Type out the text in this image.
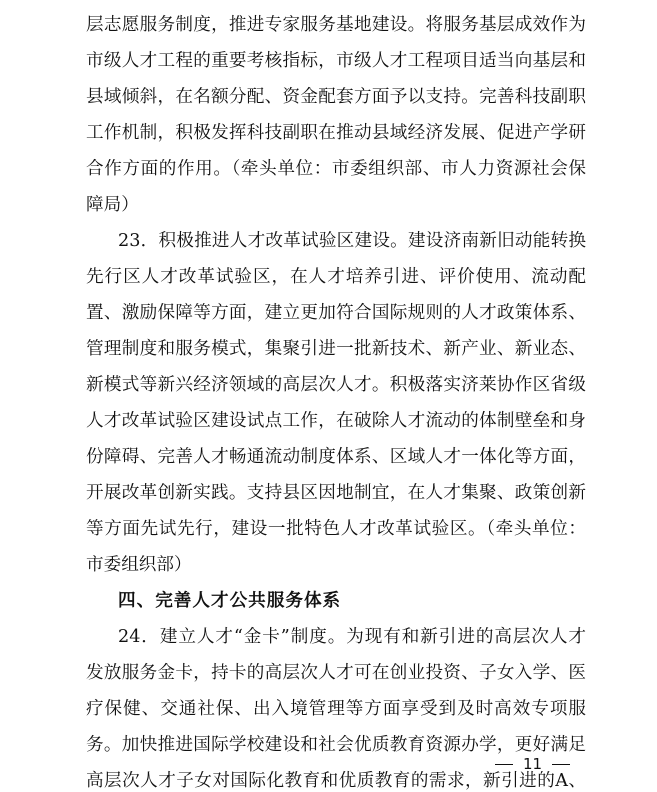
层志愿服务制度，推进专家服务基地建设。将服务基层成效作为
市级人才工程的重要考核指标，市级人才工程项目适当向基层和
县域倾斜，在名额分配、资金配套方面予以支持。完善科技副职
工作机制，积极发挥科技副职在推动县域经济发展、促进产学研
合作方面的作用。（牵头单位：市委组织部、市人力资源社会保
障局）
23．积极推进人才改革试验区建设。建设济南新旧动能转换
先行区人才改革试验区，在人才培养引进、评价使用、流动配
置、激励保障等方面，建立更加符合国际规则的人才政策体系、
管理制度和服务模式，集聚引进一批新技术、新产业、新业态、
新模式等新兴经济领域的高层次人才。积极落实济莱协作区省级
人才改革试验区建设试点工作，在破除人才流动的体制壁垒和身
份障碍、完善人才畅通流动制度体系、区域人才一体化等方面，
开展改革创新实践。支持县区因地制宜，在人才集聚、政策创新
等方面先试先行，建设一批特色人才改革试验区。（牵头单位：
市委组织部）
四、完善人才公共服务体系
24．建立人才“金卡”制度。为现有和新引进的高层次人才
发放服务金卡，持卡的高层次人才可在创业投资、子女入学、医
疗保健、交通社保、出入境管理等方面享受到及时高效专项服
务。加快推进国际学校建设和社会优质教育资源办学，更好满足
高层次人才子女对国际化教育和优质教育的需求，新引进的A、
11
